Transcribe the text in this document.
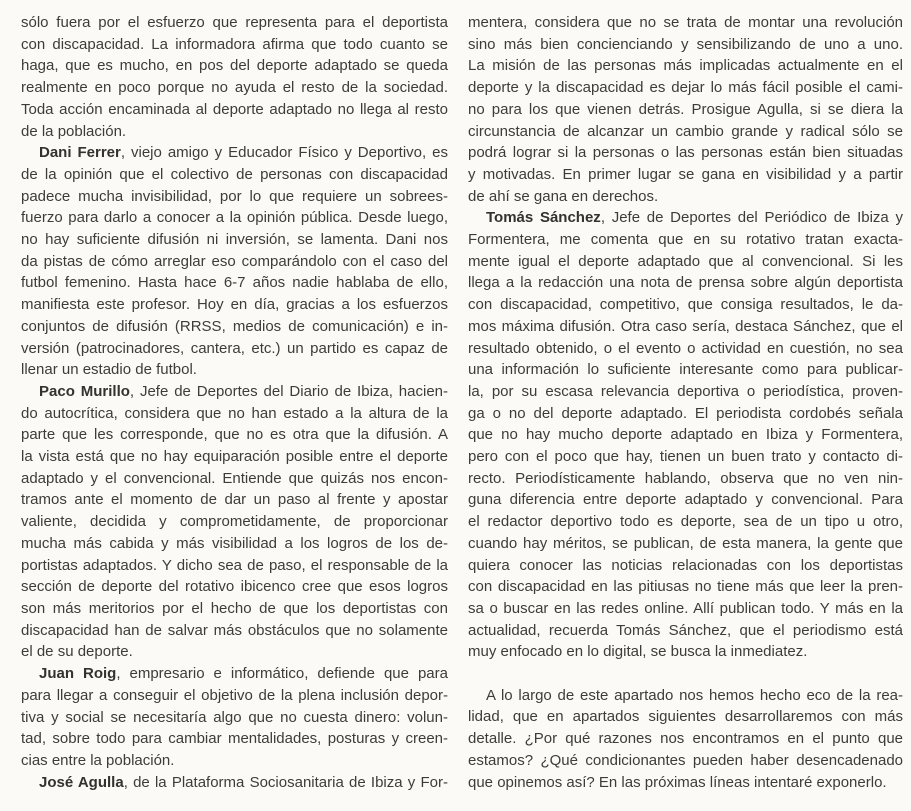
sólo fuera por el esfuerzo que representa para el deportista
con discapacidad. La informadora afirma que todo cuanto se
haga, que es mucho, en pos del deporte adaptado se queda
realmente en poco porque no ayuda el resto de la sociedad.
Toda acción encaminada al deporte adaptado no llega al resto
de la población.
Dani Ferrer, viejo amigo y Educador Físico y Deportivo, es
de la opinión que el colectivo de personas con discapacidad
padece mucha invisibilidad, por lo que requiere un sobrees-
fuerzo para darlo a conocer a la opinión pública. Desde luego,
no hay suficiente difusión ni inversión, se lamenta. Dani nos
da pistas de cómo arreglar eso comparándolo con el caso del
futbol femenino. Hasta hace 6-7 años nadie hablaba de ello,
manifiesta este profesor. Hoy en día, gracias a los esfuerzos
conjuntos de difusión (RRSS, medios de comunicación) e in-
versión (patrocinadores, cantera, etc.) un partido es capaz de
llenar un estadio de futbol.
Paco Murillo, Jefe de Deportes del Diario de Ibiza, hacien-
do autocrítica, considera que no han estado a la altura de la
parte que les corresponde, que no es otra que la difusión. A
la vista está que no hay equiparación posible entre el deporte
adaptado y el convencional. Entiende que quizás nos encon-
tramos ante el momento de dar un paso al frente y apostar
valiente, decidida y comprometidamente, de proporcionar
mucha más cabida y más visibilidad a los logros de los de-
portistas adaptados. Y dicho sea de paso, el responsable de la
sección de deporte del rotativo ibicenco cree que esos logros
son más meritorios por el hecho de que los deportistas con
discapacidad han de salvar más obstáculos que no solamente
el de su deporte.
Juan Roig, empresario e informático, defiende que para
para llegar a conseguir el objetivo de la plena inclusión depor-
tiva y social se necesitaría algo que no cuesta dinero: volun-
tad, sobre todo para cambiar mentalidades, posturas y creen-
cias entre la población.
José Agulla, de la Plataforma Sociosanitaria de Ibiza y For-
mentera, considera que no se trata de montar una revolución
sino más bien concienciando y sensibilizando de uno a uno.
La misión de las personas más implicadas actualmente en el
deporte y la discapacidad es dejar lo más fácil posible el cami-
no para los que vienen detrás. Prosigue Agulla, si se diera la
circunstancia de alcanzar un cambio grande y radical sólo se
podrá lograr si la personas o las personas están bien situadas
y motivadas. En primer lugar se gana en visibilidad y a partir
de ahí se gana en derechos.
Tomás Sánchez, Jefe de Deportes del Periódico de Ibiza y
Formentera, me comenta que en su rotativo tratan exacta-
mente igual el deporte adaptado que al convencional. Si les
llega a la redacción una nota de prensa sobre algún deportista
con discapacidad, competitivo, que consiga resultados, le da-
mos máxima difusión. Otra caso sería, destaca Sánchez, que el
resultado obtenido, o el evento o actividad en cuestión, no sea
una información lo suficiente interesante como para publicar-
la, por su escasa relevancia deportiva o periodística, proven-
ga o no del deporte adaptado. El periodista cordobés señala
que no hay mucho deporte adaptado en Ibiza y Formentera,
pero con el poco que hay, tienen un buen trato y contacto di-
recto. Periodísticamente hablando, observa que no ven nin-
guna diferencia entre deporte adaptado y convencional. Para
el redactor deportivo todo es deporte, sea de un tipo u otro,
cuando hay méritos, se publican, de esta manera, la gente que
quiera conocer las noticias relacionadas con los deportistas
con discapacidad en las pitiusas no tiene más que leer la pren-
sa o buscar en las redes online. Allí publican todo. Y más en la
actualidad, recuerda Tomás Sánchez, que el periodismo está
muy enfocado en lo digital, se busca la inmediatez.
A lo largo de este apartado nos hemos hecho eco de la rea-
lidad, que en apartados siguientes desarrollaremos con más
detalle. ¿Por qué razones nos encontramos en el punto que
estamos? ¿Qué condicionantes pueden haber desencadenado
que opinemos así? En las próximas líneas intentaré exponerlo.
